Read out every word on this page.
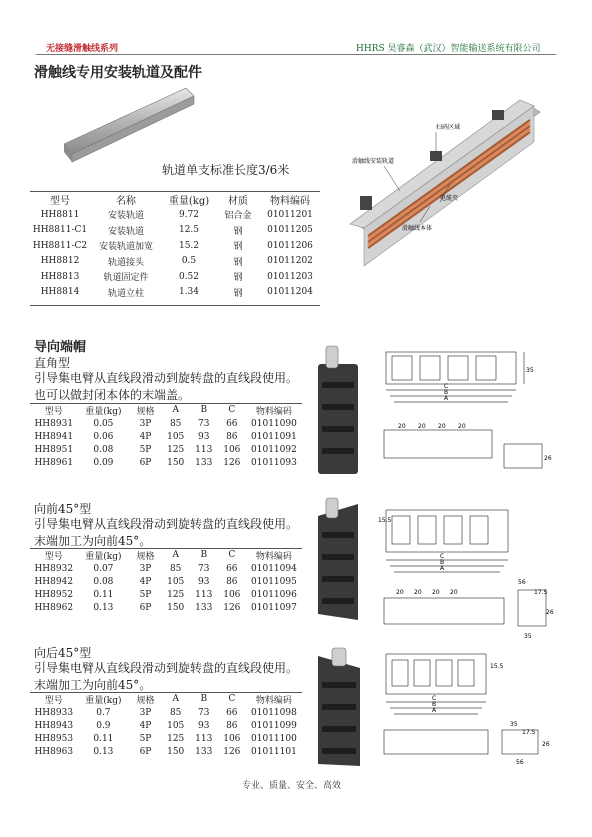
无接缝滑触线系列	HHRS 昊睿森（武汉）智能输送系统有限公司
滑触线专用安装轨道及配件
轨道单支标准长度3/6米
扫码区域
滑触线安装轨道
电缆夹
滑触线本体
型号	名称	重量(kg)	材质	物料编码
HH8811	安装轨道	9.72	铝合金	01011201
HH8811-C1	安装轨道	12.5	钢	01011205
HH8811-C2	安装轨道加宽	15.2	钢	01011206
HH8812	轨道接头	0.5	钢	01011202
HH8813	轨道固定件	0.52	钢	01011203
HH8814	轨道立柱	1.34	钢	01011204
导向端帽
直角型
引导集电臂从直线段滑动到旋转盘的直线段使用。也可以做封闭本体的末端盖。
型号	重量(kg)	规格	A	B	C	物料编码
HH8931	0.05	3P	85	73	66	01011090
HH8941	0.06	4P	105	93	86	01011091
HH8951	0.08	5P	125	113	106	01011092
HH8961	0.09	6P	150	133	126	01011093
向前45°型
引导集电臂从直线段滑动到旋转盘的直线段使用。末端加工为向前45°。
型号	重量(kg)	规格	A	B	C	物料编码
HH8932	0.07	3P	85	73	66	01011094
HH8942	0.08	4P	105	93	86	01011095
HH8952	0.11	5P	125	113	106	01011096
HH8962	0.13	6P	150	133	126	01011097
向后45°型
引导集电臂从直线段滑动到旋转盘的直线段使用。末端加工为向前45°。
型号	重量(kg)	规格	A	B	C	物料编码
HH8933	0.7	3P	85	73	66	01011098
HH8943	0.9	4P	105	93	86	01011099
HH8953	0.11	5P	125	113	106	01011100
HH8963	0.13	6P	150	133	126	01011101
35
C
B
A
20 20 20 20
26
15.5
C
B
A
20 20 20 20
56
17.5
26
35
15.5
C
B
A
35
17.5
26
56
专业、质量、安全、高效
